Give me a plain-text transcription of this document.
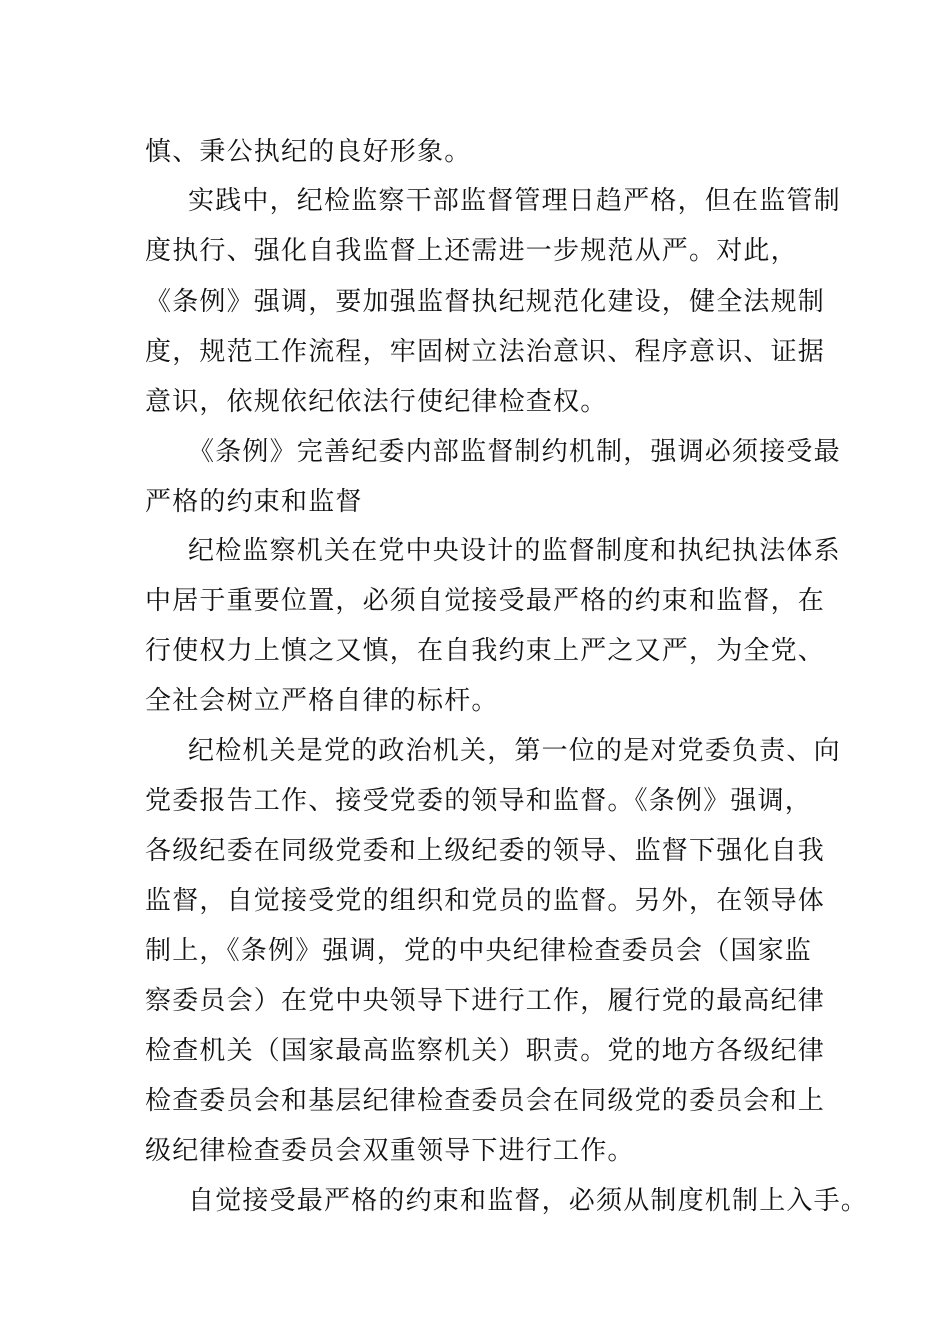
慎、秉公执纪的良好形象。
实践中，纪检监察干部监督管理日趋严格，但在监管制
度执行、强化自我监督上还需进一步规范从严。对此，
《条例》强调，要加强监督执纪规范化建设，健全法规制
度，规范工作流程，牢固树立法治意识、程序意识、证据
意识，依规依纪依法行使纪律检查权。
《条例》完善纪委内部监督制约机制，强调必须接受最
严格的约束和监督
纪检监察机关在党中央设计的监督制度和执纪执法体系
中居于重要位置，必须自觉接受最严格的约束和监督，在
行使权力上慎之又慎，在自我约束上严之又严，为全党、
全社会树立严格自律的标杆。
纪检机关是党的政治机关，第一位的是对党委负责、向
党委报告工作、接受党委的领导和监督。《条例》强调，
各级纪委在同级党委和上级纪委的领导、监督下强化自我
监督，自觉接受党的组织和党员的监督。另外，在领导体
制上，《条例》强调，党的中央纪律检查委员会（国家监
察委员会）在党中央领导下进行工作，履行党的最高纪律
检查机关（国家最高监察机关）职责。党的地方各级纪律
检查委员会和基层纪律检查委员会在同级党的委员会和上
级纪律检查委员会双重领导下进行工作。
自觉接受最严格的约束和监督，必须从制度机制上入手。
